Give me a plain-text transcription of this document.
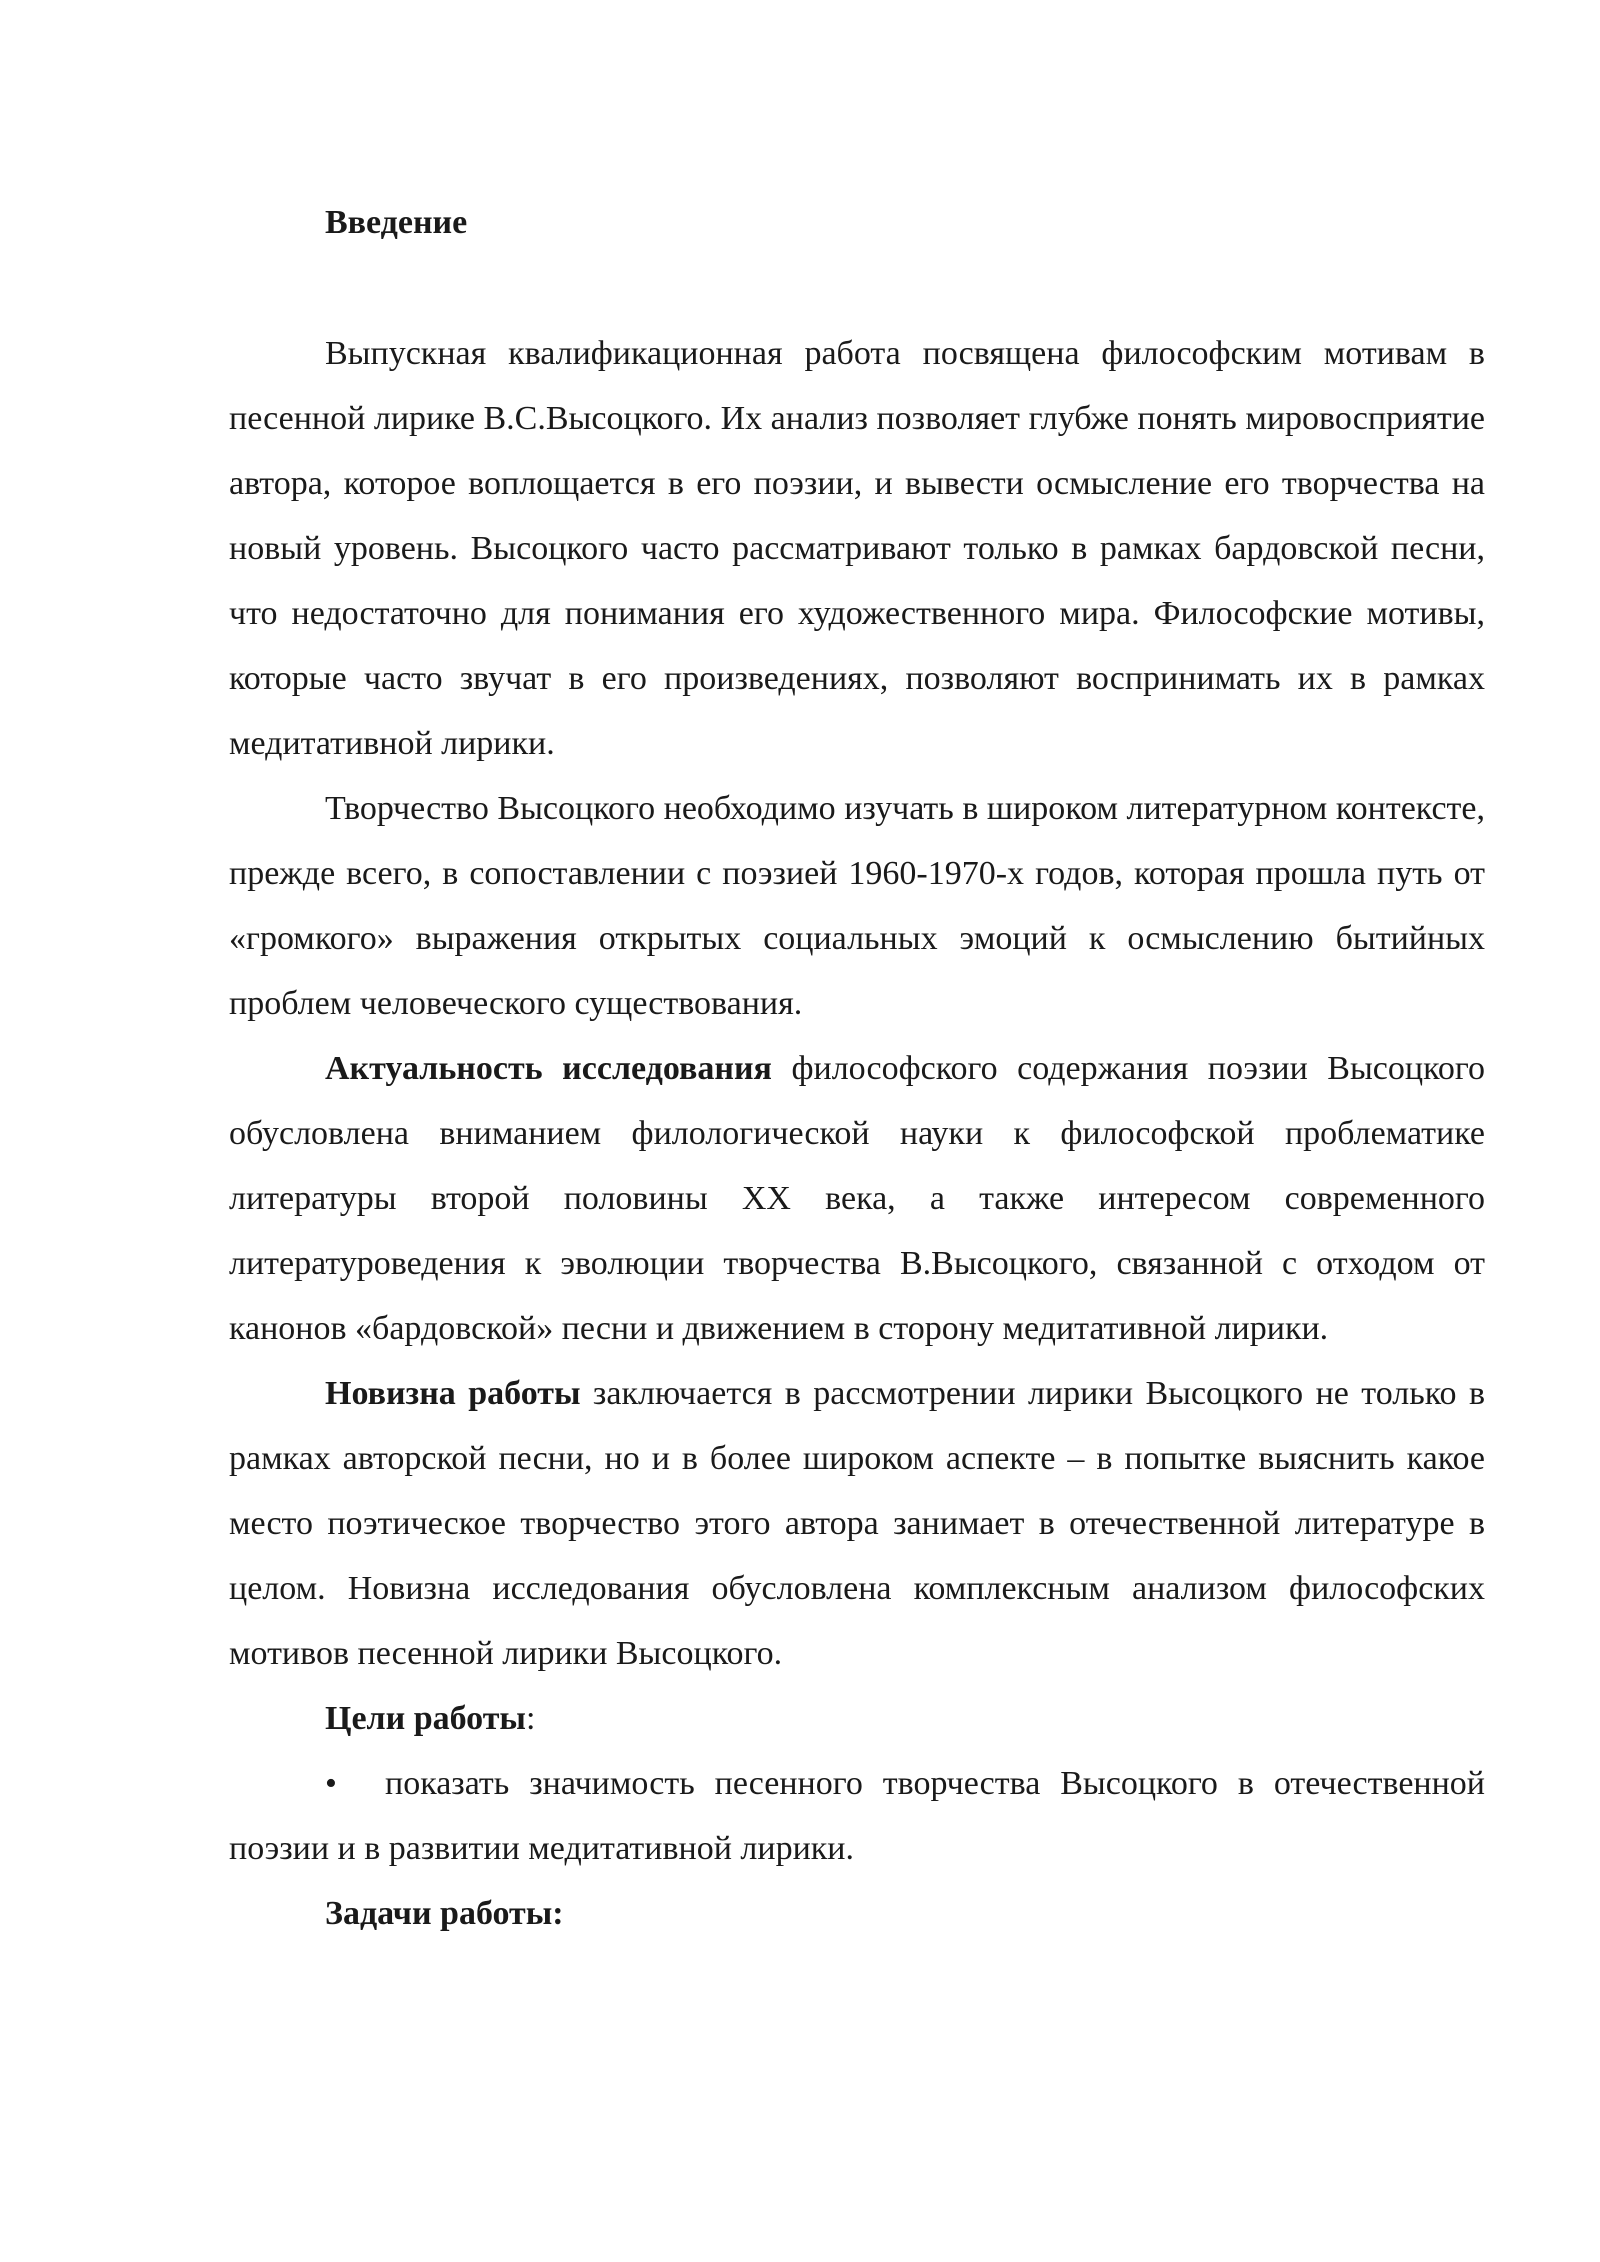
Введение

Выпускная квалификационная работа посвящена философским мотивам в песенной лирике В.С.Высоцкого. Их анализ позволяет глубже понять мировосприятие автора, которое воплощается в его поэзии, и вывести осмысление его творчества на новый уровень. Высоцкого часто рассматривают только в рамках бардовской песни, что недостаточно для понимания его художественного мира. Философские мотивы, которые часто звучат в его произведениях, позволяют воспринимать их в рамках медитативной лирики.

Творчество Высоцкого необходимо изучать в широком литературном контексте, прежде всего, в сопоставлении с поэзией 1960-1970-х годов, которая прошла путь от «громкого» выражения открытых социальных эмоций к осмыслению бытийных проблем человеческого существования.

Актуальность исследования философского содержания поэзии Высоцкого обусловлена вниманием филологической науки к философской проблематике литературы второй половины XX века, а также интересом современного литературоведения к эволюции творчества В.Высоцкого, связанной с отходом от канонов «бардовской» песни и движением в сторону медитативной лирики.

Новизна работы заключается в рассмотрении лирики Высоцкого не только в рамках авторской песни, но и в более широком аспекте – в попытке выяснить какое место поэтическое творчество этого автора занимает в отечественной литературе в целом. Новизна исследования обусловлена комплексным анализом философских мотивов песенной лирики Высоцкого.

Цели работы:

• показать значимость песенного творчества Высоцкого в отечественной поэзии и в развитии медитативной лирики.

Задачи работы:
